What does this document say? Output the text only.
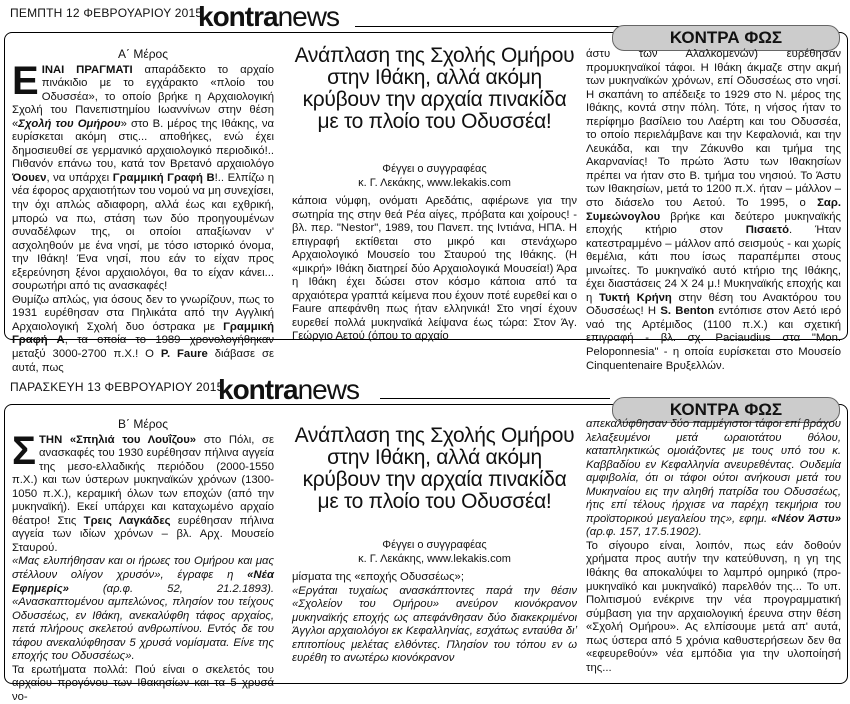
ΠΕΜΠΤΗ 12 ΦΕΒΡΟΥΑΡΙΟΥ 2015
kontranews
ΚΟΝΤΡΑ ΦΩΣ
Α΄ Μέρος

ΕΙΝΑΙ ΠΡΑΓΜΑΤΙ απαράδεκτο το αρχαίο πινάκιδιο με το εγχάρακτο «πλοίο του Οδυσσέα», το οποίο βρήκε η Αρχαιολογική Σχολή του Πανεπιστημίου Ιωαννίνων στην θέση «Σχολή του Ομήρου» στο Β. μέρος της Ιθάκης, να ευρίσκεται ακόμη στις... αποθήκες, ενώ έχει δημοσιευθεί σε γερμανικό αρχαιολογικό περιοδικό!.. Πιθανόν επάνω του, κατά τον Βρετανό αρχαιολόγο Όουεν, να υπάρχει Γραμμική Γραφή Β!.. Ελπίζω η νέα έφορος αρχαιοτήτων του νομού να μη συνεχίσει, την όχι απλώς αδιαφορη, αλλά έως και εχθρική, μπορώ να πω, στάση των δύο προηγουμένων συναδέλφων της, οι οποίοι απαξίωναν ν' ασχοληθούν με ένα νησί, με τόσο ιστορικό όνομα, την Ιθάκη! Ένα νησί, που εάν το είχαν προς εξερεύνηση ξένοι αρχαιολόγοι, θα το είχαν κάνει... σουρωτήρι από τις ανασκαφές!

Θυμίζω απλώς, για όσους δεν το γνωρίζουν, πως το 1931 ευρέθησαν στα Πηλικάτα από την Αγγλική Αρχαιολογική Σχολή δυο όστρακα με Γραμμική Γραφή Α, τα οποία το 1989 χρονολογήθηκαν μεταξύ 3000-2700 π.Χ.! Ο P. Faure διάβασε σε αυτά, πως

Ανάπλαση της Σχολής Ομήρου στην Ιθάκη, αλλά ακόμη κρύβουν την αρχαία πινακίδα με το πλοίο του Οδυσσέα!
Φέγγει ο συγγραφέας
κ. Γ. Λεκάκης, www.lekakis.com

κάποια νύμφη, ονόματι Αρεδάτις, αφιέρωνε για την σωτηρία της στην θεά Ρέα αίγες, πρόβατα και χοίρους! - βλ. περ. "Nestor", 1989, του Πανεπ. της Ιντιάνα, ΗΠΑ. Η επιγραφή εκτίθεται στο μικρό και στενάχωρο Αρχαιολογικό Μουσείο του Σταυρού της Ιθάκης. (Η «μικρή» Ιθάκη διατηρεί δύο Αρχαιολογικά Μουσεία!) Άρα η Ιθάκη έχει δώσει στον κόσμο κάποια από τα αρχαιότερα γραπτά κείμενα που έχουν ποτέ ευρεθεί και ο Faure απεφάνθη πως ήταν ελληνικά! Στο νησί έχουν ευρεθεί πολλά μυκηναϊκά λείψανα έως τώρα: Στον Άγ. Γεώργιο Αετού (όπου το αρχαίο

άστυ των Αλαλκομενών) ευρέθησαν προμυκηναϊκοί τάφοι. Η Ιθάκη άκμαζε στην ακμή των μυκηναϊκών χρόνων, επί Οδυσσέως στο νησί. Η σκαπάνη το απέδειξε το 1929 στο Ν. μέρος της Ιθάκης, κοντά στην πόλη. Τότε, η νήσος ήταν το περίφημο βασίλειο του Λαέρτη και του Οδυσσέα, το οποίο περιελάμβανε και την Κεφαλονιά, και την Λευκάδα, και την Ζάκυνθο και τμήμα της Ακαρνανίας! Το πρώτο Άστυ των Ιθακησίων πρέπει να ήταν στο Β. τμήμα του νησιού. Το Άστυ των Ιθακησίων, μετά το 1200 π.Χ. ήταν – μάλλον – στο διάσελο του Αετού. Το 1995, ο Σαρ. Συμεώνογλου βρήκε και δεύτερο μυκηναϊκής εποχής κτήριο στον Πισαετό. Ήταν κατεστραμμένο – μάλλον από σεισμούς - και χωρίς θεμέλια, κάτι που ίσως παραπέμπει στους μινωίτες. Το μυκηναϊκό αυτό κτήριο της Ιθάκης, έχει διαστάσεις 24 Χ 24 μ.! Μυκηναϊκής εποχής και η Τυκτή Κρήνη στην θέση του Ανακτόρου του Οδυσσέως! Η S. Benton εντόπισε στον Αετό ιερό ναό της Αρτέμιδος (1100 π.Χ.) και σχετική επιγραφή - βλ. σχ. Paciaudius στα "Mon. Peloponnesia" - η οποία ευρίσκεται στο Μουσείο Cinquentenaire Βρυξελλών.

ΠΑΡΑΣΚΕΥΗ 13 ΦΕΒΡΟΥΑΡΙΟΥ 2015
kontranews
ΚΟΝΤΡΑ ΦΩΣ
Β΄ Μέρος

ΣΤΗΝ «Σπηλιά του Λουΐζου» στο Πόλι, σε ανασκαφές του 1930 ευρέθησαν πήλινα αγγεία της μεσο-ελλαδικής περιόδου (2000-1550 π.Χ.) και των ύστερων μυκηναϊκών χρόνων (1300-1050 π.Χ.), κεραμική όλων των εποχών (από την μυκηναϊκή). Εκεί υπάρχει και καταχωμένο αρχαίο θέατρο! Στις Τρεις Λαγκάδες ευρέθησαν πήλινα αγγεία των ιδίων χρόνων – βλ. Αρχ. Μουσείο Σταυρού.

«Μας ελυπήθησαν και οι ήρωες του Ομήρου και μας στέλλουν ολίγον χρυσόν», έγραφε η «Νέα Εφημερίς» (αρ.φ. 52, 21.2.1893). «Ανασκαπτομένου αμπελώνος, πλησίον του τείχους Οδυσσέως, εν Ιθάκη, ανεκαλύφθη τάφος αρχαίος, πετά πλήρους σκελετού ανθρωπίνου. Εντός δε του τάφου ανεκαλύφθησαν 5 χρυσά νομίσματα. Είνε της εποχής του Οδυσσέως».

Τα ερωτήματα πολλά: Πού είναι ο σκελετός του αρχαίου προγόνου των Ιθακησίων και τα 5 χρυσά νο-

Ανάπλαση της Σχολής Ομήρου στην Ιθάκη, αλλά ακόμη κρύβουν την αρχαία πινακίδα με το πλοίο του Οδυσσέα!
Φέγγει ο συγγραφέας
κ. Γ. Λεκάκης, www.lekakis.com

μίσματα της «εποχής Οδυσσέως»;

«Εργάται τυχαίως ανασκάπτοντες παρά την θέσιν «Σχολείον του Ομήρου» ανεύρον κιονόκρανον μυκηναϊκής εποχής ως απεφάνθησαν δύο διακεκριμένοι Άγγλοι αρχαιολόγοι εκ Κεφαλληνίας, εσχάτως ενταύθα διʼ επιτοπίους μελέτας ελθόντες. Πλησίον του τόπου εν ω ευρέθη το ανωτέρω κιονόκρανον

απεκαλύφθησαν δύο παμμέγιστοι τάφοι επί βράχου λελαξευμένοι μετά ωραιοτάτου θόλου, καταπληκτικώς ομοιάζοντες με τους υπό του κ. Καββαδίου εν Κεφαλληνία ανευρεθέντας. Ουδεμία αμφιβολία, ότι οι τάφοι ούτοι ανήκουσι μετά του Μυκηναίου εις την αληθή πατρίδα του Οδυσσέως, ήτις επί τέλους ήρχισε να παρέχη τεκμήρια του προϊστορικού μεγαλείου της», εφημ. «Νέον Άστυ» (αρ.φ. 157, 17.5.1902).

Το σίγουρο είναι, λοιπόν, πως εάν δοθούν χρήματα προς αυτήν την κατεύθυνση, η γη της Ιθάκης θα αποκαλύψει το λαμπρό ομηρικό (προ-μυκηναϊκό και μυκηναϊκό) παρελθόν της... Το υπ. Πολιτισμού ενέκρινε την νέα προγραμματική σύμβαση για την αρχαιολογική έρευνα στην θέση «Σχολή Ομήρου». Ας ελπίσουμε μετά απ' αυτά, πως ύστερα από 5 χρόνια καθυστερήσεων δεν θα «εφευρεθούν» νέα εμπόδια για την υλοποίησή της...
